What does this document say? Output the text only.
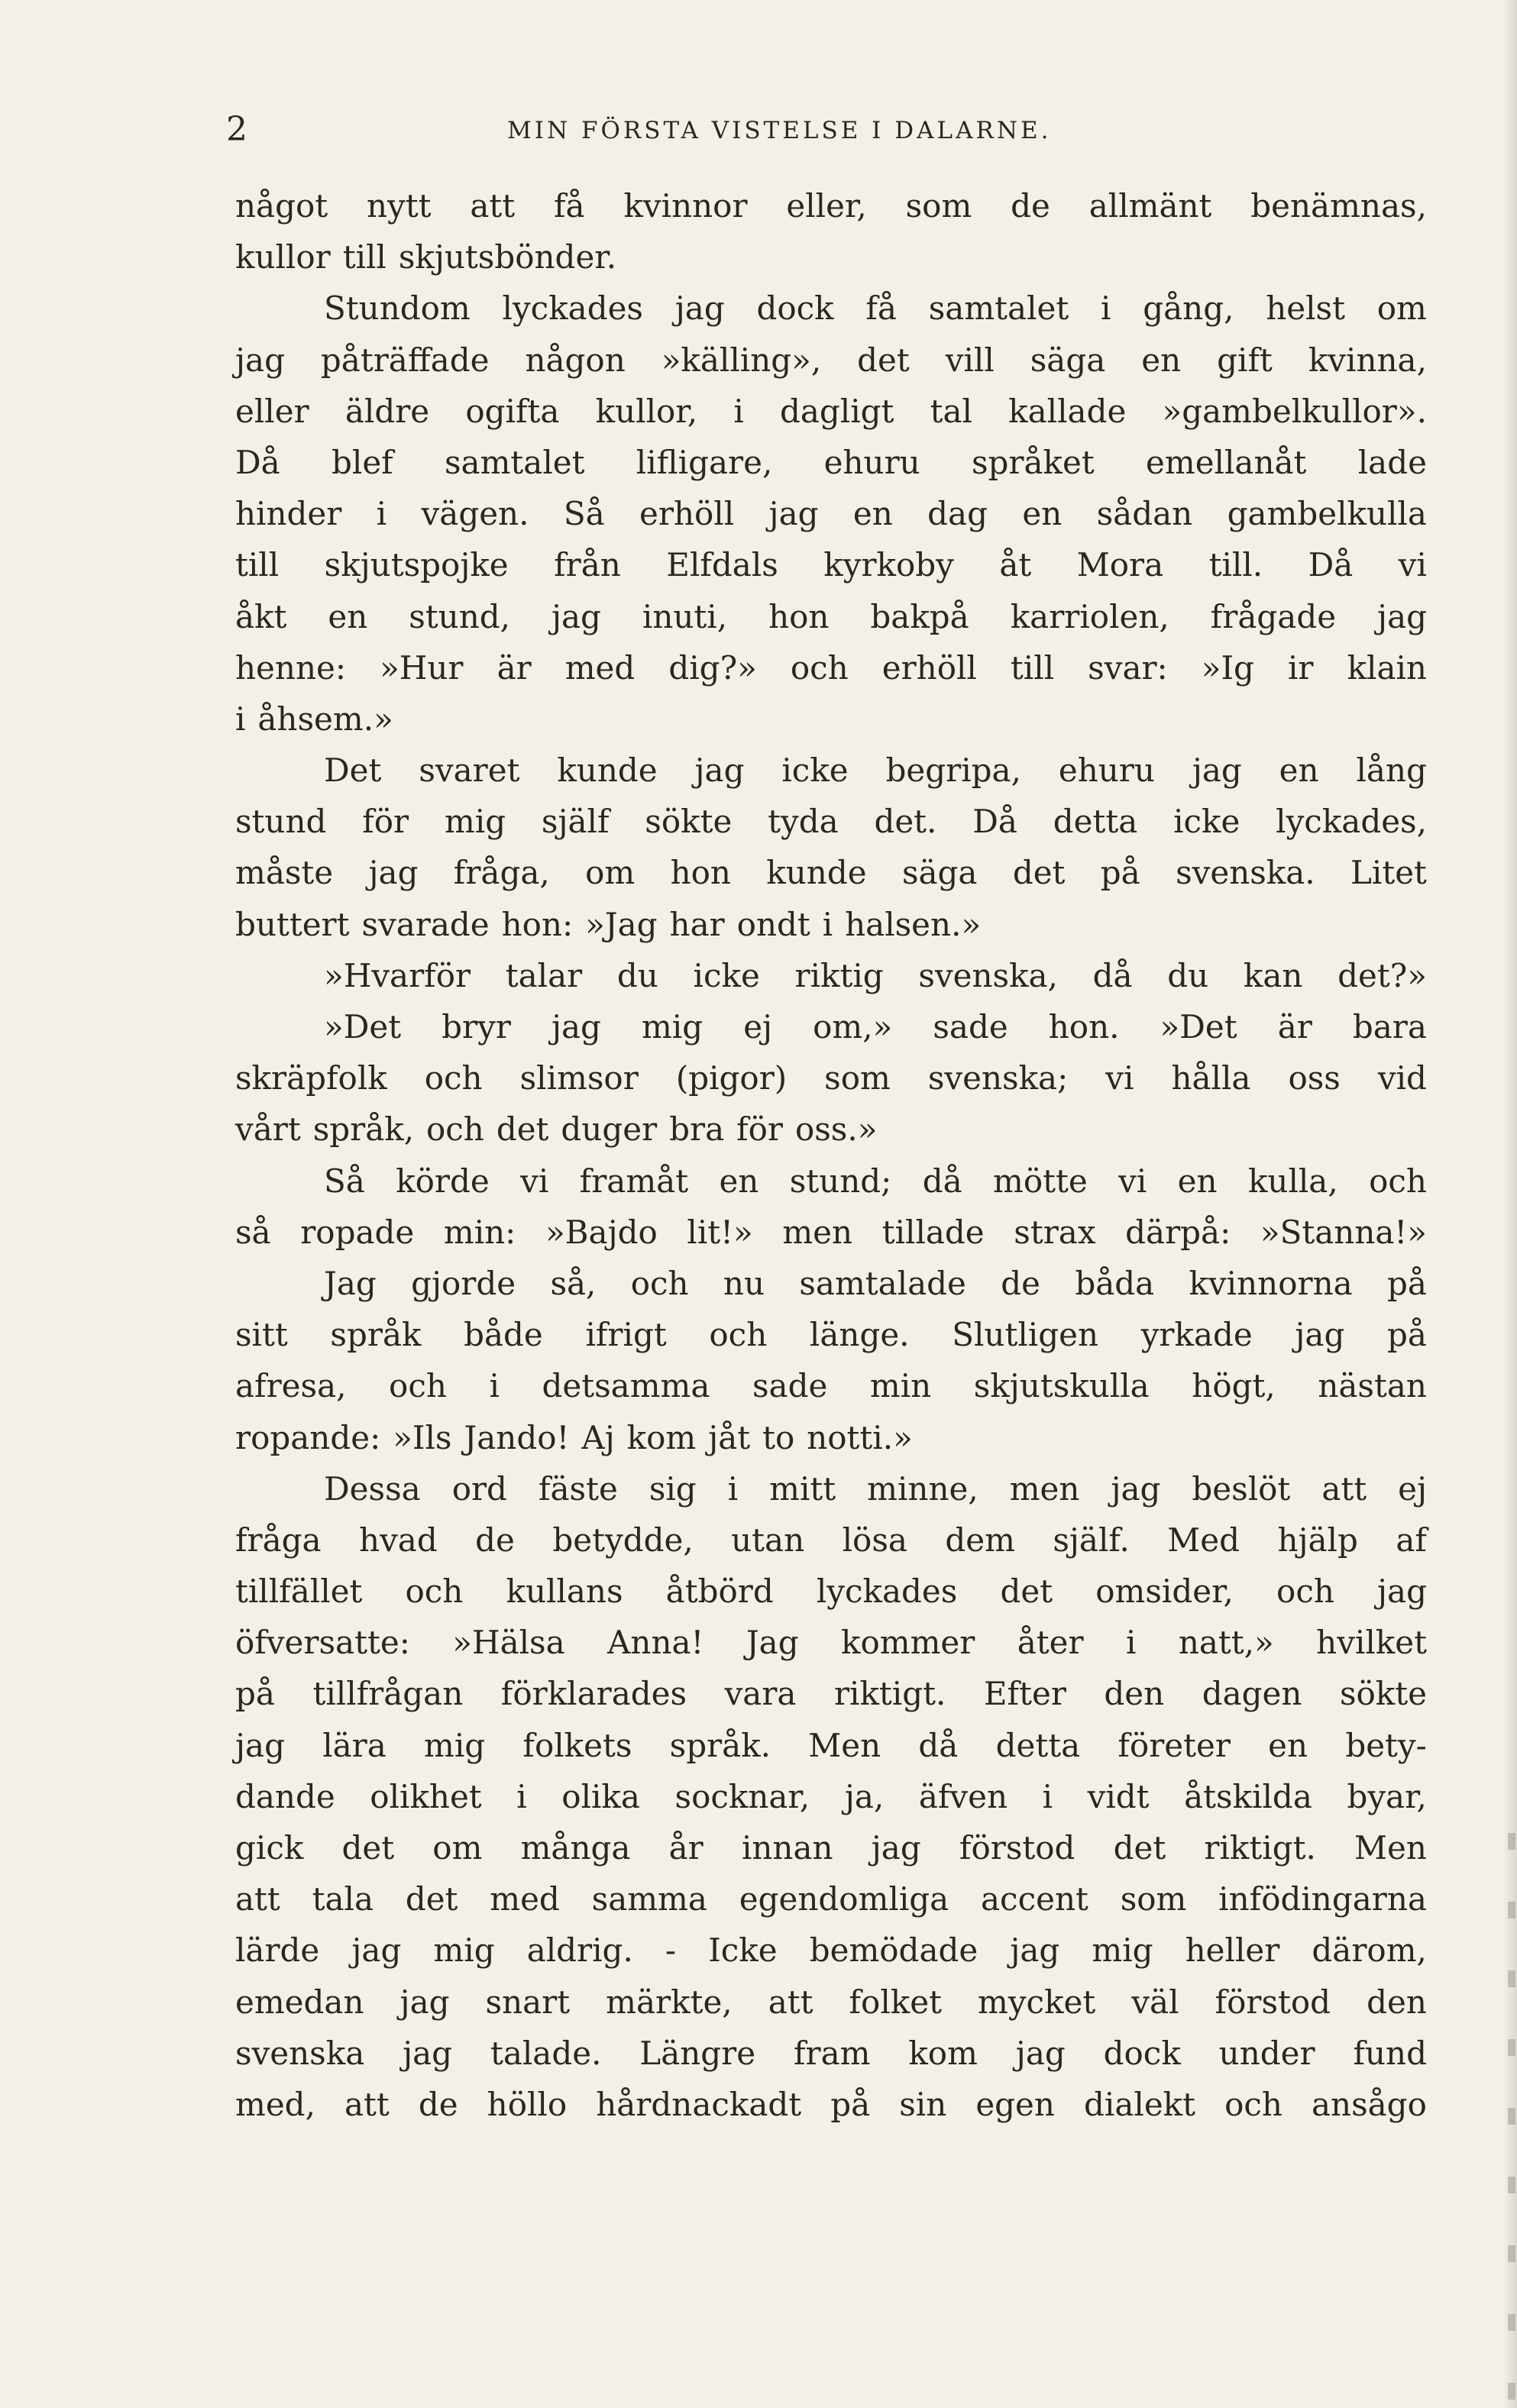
2	MIN FÖRSTA VISTELSE I DALARNE.
något nytt att få kvinnor eller, som de allmänt benämnas,
kullor till skjutsbönder.
Stundom lyckades jag dock få samtalet i gång, helst om
jag påträffade någon »källing», det vill säga en gift kvinna,
eller äldre ogifta kullor, i dagligt tal kallade »gambelkullor».
Då blef samtalet lifligare, ehuru språket emellanåt lade
hinder i vägen. Så erhöll jag en dag en sådan gambelkulla
till skjutspojke från Elfdals kyrkoby åt Mora till. Då vi
åkt en stund, jag inuti, hon bakpå karriolen, frågade jag
henne: »Hur är med dig?» och erhöll till svar: »Ig ir klain
i åhsem.»
Det svaret kunde jag icke begripa, ehuru jag en lång
stund för mig själf sökte tyda det. Då detta icke lyckades,
måste jag fråga, om hon kunde säga det på svenska. Litet
buttert svarade hon: »Jag har ondt i halsen.»
»Hvarför talar du icke riktig svenska, då du kan det?»
»Det bryr jag mig ej om,» sade hon. »Det är bara
skräpfolk och slimsor (pigor) som svenska; vi hålla oss vid
vårt språk, och det duger bra för oss.»
Så körde vi framåt en stund; då mötte vi en kulla, och
så ropade min: »Bajdo lit!» men tillade strax därpå: »Stanna!»
Jag gjorde så, och nu samtalade de båda kvinnorna på
sitt språk både ifrigt och länge. Slutligen yrkade jag på
afresa, och i detsamma sade min skjutskulla högt, nästan
ropande: »Ils Jando! Aj kom jåt to notti.»
Dessa ord fäste sig i mitt minne, men jag beslöt att ej
fråga hvad de betydde, utan lösa dem själf. Med hjälp af
tillfället och kullans åtbörd lyckades det omsider, och jag
öfversatte: »Hälsa Anna! Jag kommer åter i natt,» hvilket
på tillfrågan förklarades vara riktigt. Efter den dagen sökte
jag lära mig folkets språk. Men då detta företer en bety-
dande olikhet i olika socknar, ja, äfven i vidt åtskilda byar,
gick det om många år innan jag förstod det riktigt. Men
att tala det med samma egendomliga accent som infödingarna
lärde jag mig aldrig. - Icke bemödade jag mig heller därom,
emedan jag snart märkte, att folket mycket väl förstod den
svenska jag talade. Längre fram kom jag dock under fund
med, att de höllo hårdnackadt på sin egen dialekt och ansågo
